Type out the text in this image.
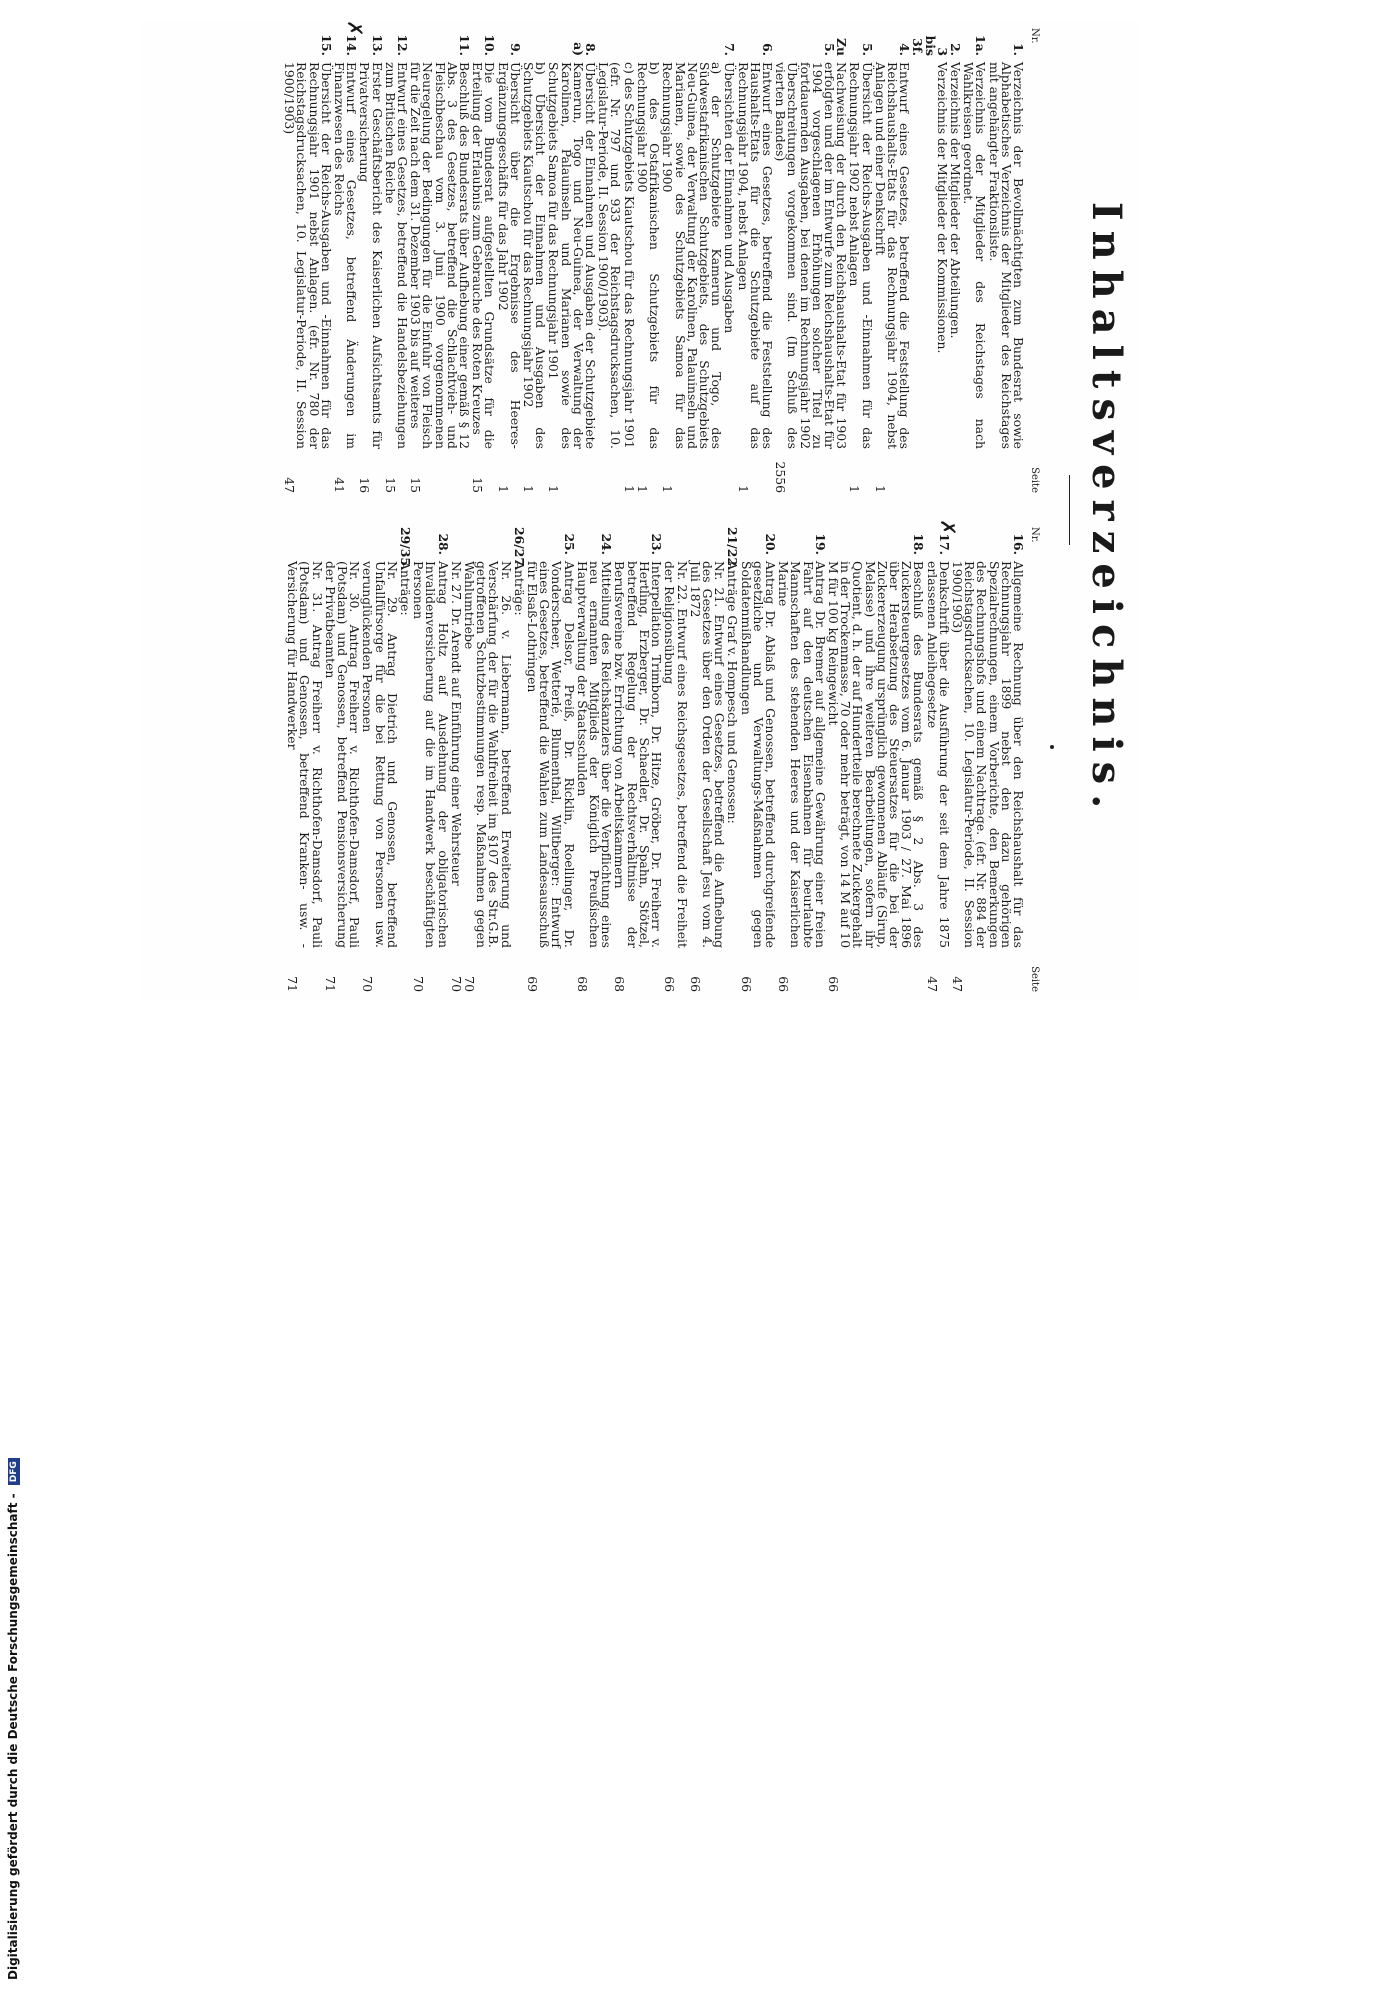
Inhaltsverzeichnis.
Nr.
Seite
1.
Verzeichnis der Bevollmächtigten zum Bundesrat sowie Alphabetisches Verzeichnis der Mitglieder des Reichstages mit angehängter Fraktionsliste.
1a.
Verzeichnis der Mitglieder des Reichstages nach Wahlkreisen geordnet.
2.
Verzeichnis der Mitglieder der Abteilungen.
3 bis 3f.
Verzeichnis der Mitglieder der Kommissionen.
4.
Entwurf eines Gesetzes, betreffend die Feststellung des Reichshaushalts-Etats für das Rechnungsjahr 1904, nebst Anlagen und einer Denkschrift
1
5.
Übersicht der Reichs-Ausgaben und -Einnahmen für das Rechnungsjahr 1902 nebst Anlagen
1
Zu 5.
Nachweisung der durch den Reichshaushalts-Etat für 1903 erfolgten und der im Entwurfe zum Reichshaushalts-Etat für 1904 vorgeschlagenen Erhöhungen solcher Titel zu fortdauernden Ausgaben, bei denen im Rechnungsjahr 1902 Überschreitungen vorgekommen sind. (Im Schluß des vierten Bandes)
2556
6.
Entwurf eines Gesetzes, betreffend die Feststellung des Haushalts-Etats für die Schutzgebiete auf das Rechnungsjahr 1904, nebst Anlagen
1
7.
Übersichten der Einnahmen und Ausgaben
a) der Schutzgebiete Kamerun und Togo, des Südwestafrikanischen Schutzgebiets, des Schutzgebiets Neu-Guinea, der Verwaltung der Karolinen, Palauinseln und Marianen, sowie des Schutzgebiets Samoa für das Rechnungsjahr 1900
1
b) des Ostafrikanischen Schutzgebiets für das Rechnungsjahr 1900
1
c) des Schutzgebiets Kiautschou für das Rechnungsjahr 1901
1
(efr. Nr. 797 und 933 der Reichstagsdrucksachen, 10. Legislatur-Periode, II. Session 1900/1903).
8. a)
Übersicht der Einnahmen und Ausgaben der Schutzgebiete Kamerun, Togo und Neu-Guinea, der Verwaltung der Karolinen, Palauinseln und Marianen sowie des Schutzgebiets Samoa für das Rechnungsjahr 1901
1
b) Übersicht der Einnahmen und Ausgaben des Schutzgebiets Kiautschou für das Rechnungsjahr 1902
1
9.
Übersicht über die Ergebnisse des Heeres-Ergänzungsgeschäfts für das Jahr 1902
1
10.
Die vom Bundesrat aufgestellten Grundsätze für die Erteilung der Erlaubnis zum Gebrauche des Roten Kreuzes
15
11.
Beschluß des Bundesrats über Aufhebung einer gemäß § 12 Abs. 3 des Gesetzes, betreffend die Schlachtvieh- und Fleischbeschau vom 3. Juni 1900 vorgenommenen Neuregelung der Bedingungen für die Einfuhr von Fleisch für die Zeit nach dem 31. Dezember 1903 bis auf weiteres
15
12.
Entwurf eines Gesetzes, betreffend die Handelsbeziehungen zum Britischen Reiche
15
13.
Erster Geschäftsbericht des Kaiserlichen Aufsichtsamts für Privatversicherung
16
✗
14.
Entwurf eines Gesetzes, betreffend Änderungen im Finanzwesen des Reichs
41
15.
Übersicht der Reichs-Ausgaben und -Einnahmen für das Rechnungsjahr 1901 nebst Anlagen. (efr. Nr. 780 der Reichstagsdrucksachen, 10. Legislatur-Periode, II. Session 1900/1903)
47
Nr.
Seite
16.
Allgemeine Rechnung über den Reichshaushalt für das Rechnungsjahr 1899 nebst den dazu gehörigen Spezialrechnungen, einem Vorberichte, den Bemerkungen des Rechnungshofs und einem Nachtrage. (efr. Nr. 884 der Reichstagsdrucksachen, 10. Legislatur-Periode, II. Session 1900/1903)
47
✗
17.
Denkschrift über die Ausführung der seit dem Jahre 1875 erlassenen Anleihegesetze
47
18.
Beschluß des Bundesrats gemäß § 2 Abs. 3 des Zuckersteuergesetzes vom 6. Januar 1903 / 27. Mai 1896 über Herabsetzung des Steuersatzes für die bei der Zuckererzeugung ursprünglich gewonnenen Abläufe (Sirup, Melasse) und ihre weiteren Bearbeitungen, sofern ihr Quotient, d. h. der auf Hundertteile berechnete Zuckergehalt in der Trockenmasse, 70 oder mehr beträgt, von 14 M auf 10 M für 100 kg Reingewicht
66
19.
Antrag Dr. Bremer auf allgemeine Gewährung einer freien Fahrt auf den deutschen Eisenbahnen für beurlaubte Mannschaften des stehenden Heeres und der Kaiserlichen Marine
66
20.
Antrag Dr. Ablaß und Genossen, betreffend durchgreifende gesetzliche und Verwaltungs-Maßnahmen gegen Soldatenmißhandlungen
66
21/22.
Anträge Graf v. Hompesch und Genossen:
Nr. 21. Entwurf eines Gesetzes, betreffend die Aufhebung des Gesetzes über den Orden der Gesellschaft Jesu vom 4. Juli 1872
66
Nr. 22. Entwurf eines Reichsgesetzes, betreffend die Freiheit der Religionsübung
66
23.
Interpellation Trimborn, Dr. Hitze, Gröber, Dr. Freiherr v. Hertling, Erzberger, Dr. Schaedler, Dr. Spahn, Stötzel, betreffend Regelung der Rechtsverhältnisse der Berufsvereine bzw. Errichtung von Arbeitskammern
68
24.
Mitteilung des Reichskanzlers über die Verpflichtung eines neu ernannten Mitglieds der Königlich Preußischen Hauptverwaltung der Staatsschulden
68
25.
Antrag Delsor, Preiß, Dr. Ricklin, Roellinger, Dr. Vonderscheer, Wetterlé, Blumenthal, Wiltberger: Entwurf eines Gesetzes, betreffend die Wahlen zum Landesausschuß für Elsaß-Lothringen
69
26/27.
Anträge:
Nr. 26. v. Liebermann, betreffend Erweiterung und Verschärfung der für die Wahlfreiheit im §107 des Str.G.B. getroffenen Schutzbestimmungen resp. Maßnahmen gegen Wahlumtriebe
70
Nr. 27. Dr. Arendt auf Einführung einer Wehrsteuer
70
28.
Antrag Holtz auf Ausdehnung der obligatorischen Invalidenversicherung auf die im Handwerk beschäftigten Personen
70
29/35.
Anträge:
Nr. 29. Antrag Dietrich und Genossen, betreffend Unfallfürsorge für die bei Rettung von Personen usw. verunglückenden Personen
70
Nr. 30. Antrag Freiherr v. Richthofen-Damsdorf, Pauli (Potsdam) und Genossen, betreffend Pensionsversicherung der Privatbeamten
71
Nr. 31. Antrag Freiherr v. Richthofen-Damsdorf, Pauli (Potsdam) und Genossen, betreffend Kranken- usw. -Versicherung für Handwerker
71
Digitalisierung gefördert durch die Deutsche Forschungsgemeinschaft - DFG
